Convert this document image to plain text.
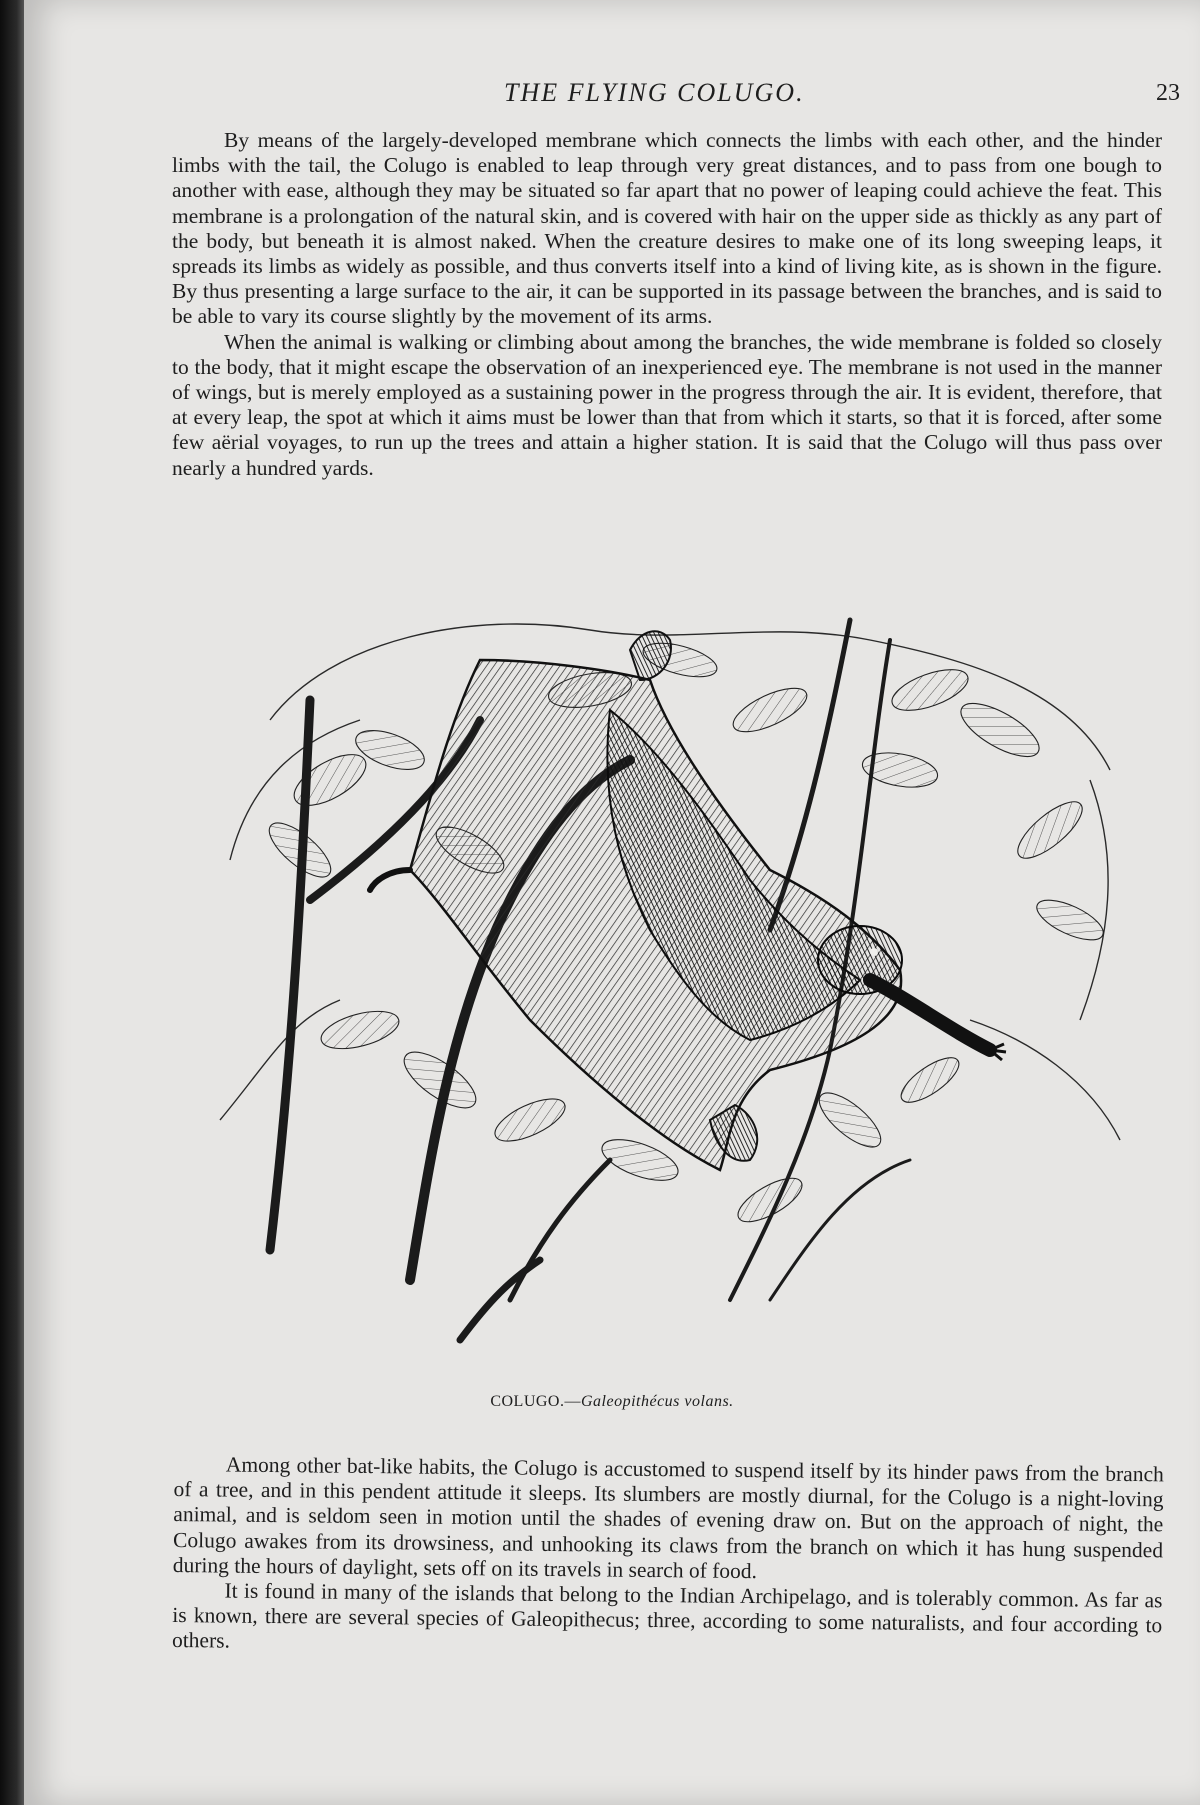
THE FLYING COLUGO.	23

By means of the largely-developed membrane which connects the limbs with each other, and the hinder limbs with the tail, the Colugo is enabled to leap through very great distances, and to pass from one bough to another with ease, although they may be situated so far apart that no power of leaping could achieve the feat. This membrane is a prolongation of the natural skin, and is covered with hair on the upper side as thickly as any part of the body, but beneath it is almost naked. When the creature desires to make one of its long sweeping leaps, it spreads its limbs as widely as possible, and thus converts itself into a kind of living kite, as is shown in the figure. By thus presenting a large surface to the air, it can be supported in its passage between the branches, and is said to be able to vary its course slightly by the movement of its arms.

When the animal is walking or climbing about among the branches, the wide membrane is folded so closely to the body, that it might escape the observation of an inexperienced eye. The membrane is not used in the manner of wings, but is merely employed as a sustaining power in the progress through the air. It is evident, therefore, that at every leap, the spot at which it aims must be lower than that from which it starts, so that it is forced, after some few aërial voyages, to run up the trees and attain a higher station. It is said that the Colugo will thus pass over nearly a hundred yards.

COLUGO.—Galeopithécus volans.

Among other bat-like habits, the Colugo is accustomed to suspend itself by its hinder paws from the branch of a tree, and in this pendent attitude it sleeps. Its slumbers are mostly diurnal, for the Colugo is a night-loving animal, and is seldom seen in motion until the shades of evening draw on. But on the approach of night, the Colugo awakes from its drowsiness, and unhooking its claws from the branch on which it has hung suspended during the hours of daylight, sets off on its travels in search of food.

It is found in many of the islands that belong to the Indian Archipelago, and is tolerably common. As far as is known, there are several species of Galeopithecus; three, according to some naturalists, and four according to others.
